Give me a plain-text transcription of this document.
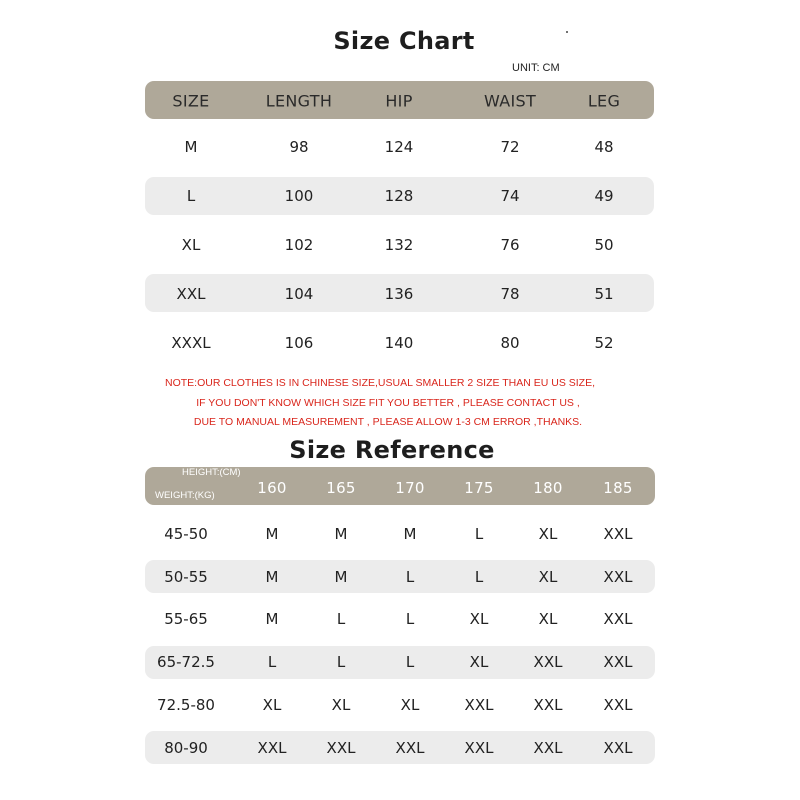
Size Chart
UNIT: CM
SIZE	LENGTH	HIP	WAIST	LEG
M	98	124	72	48
L	100	128	74	49
XL	102	132	76	50
XXL	104	136	78	51
XXXL	106	140	80	52
NOTE:OUR CLOTHES IS IN CHINESE SIZE,USUAL SMALLER 2 SIZE THAN EU US SIZE,
IF YOU DON'T KNOW WHICH SIZE FIT YOU BETTER , PLEASE CONTACT US ,
DUE TO MANUAL MEASUREMENT , PLEASE ALLOW 1-3 CM ERROR ,THANKS.
Size Reference
HEIGHT:(CM)
WEIGHT:(KG)	160	165	170	175	180	185
45-50	M	M	M	L	XL	XXL
50-55	M	M	L	L	XL	XXL
55-65	M	L	L	XL	XL	XXL
65-72.5	L	L	L	XL	XXL	XXL
72.5-80	XL	XL	XL	XXL	XXL	XXL
80-90	XXL	XXL	XXL	XXL	XXL	XXL
